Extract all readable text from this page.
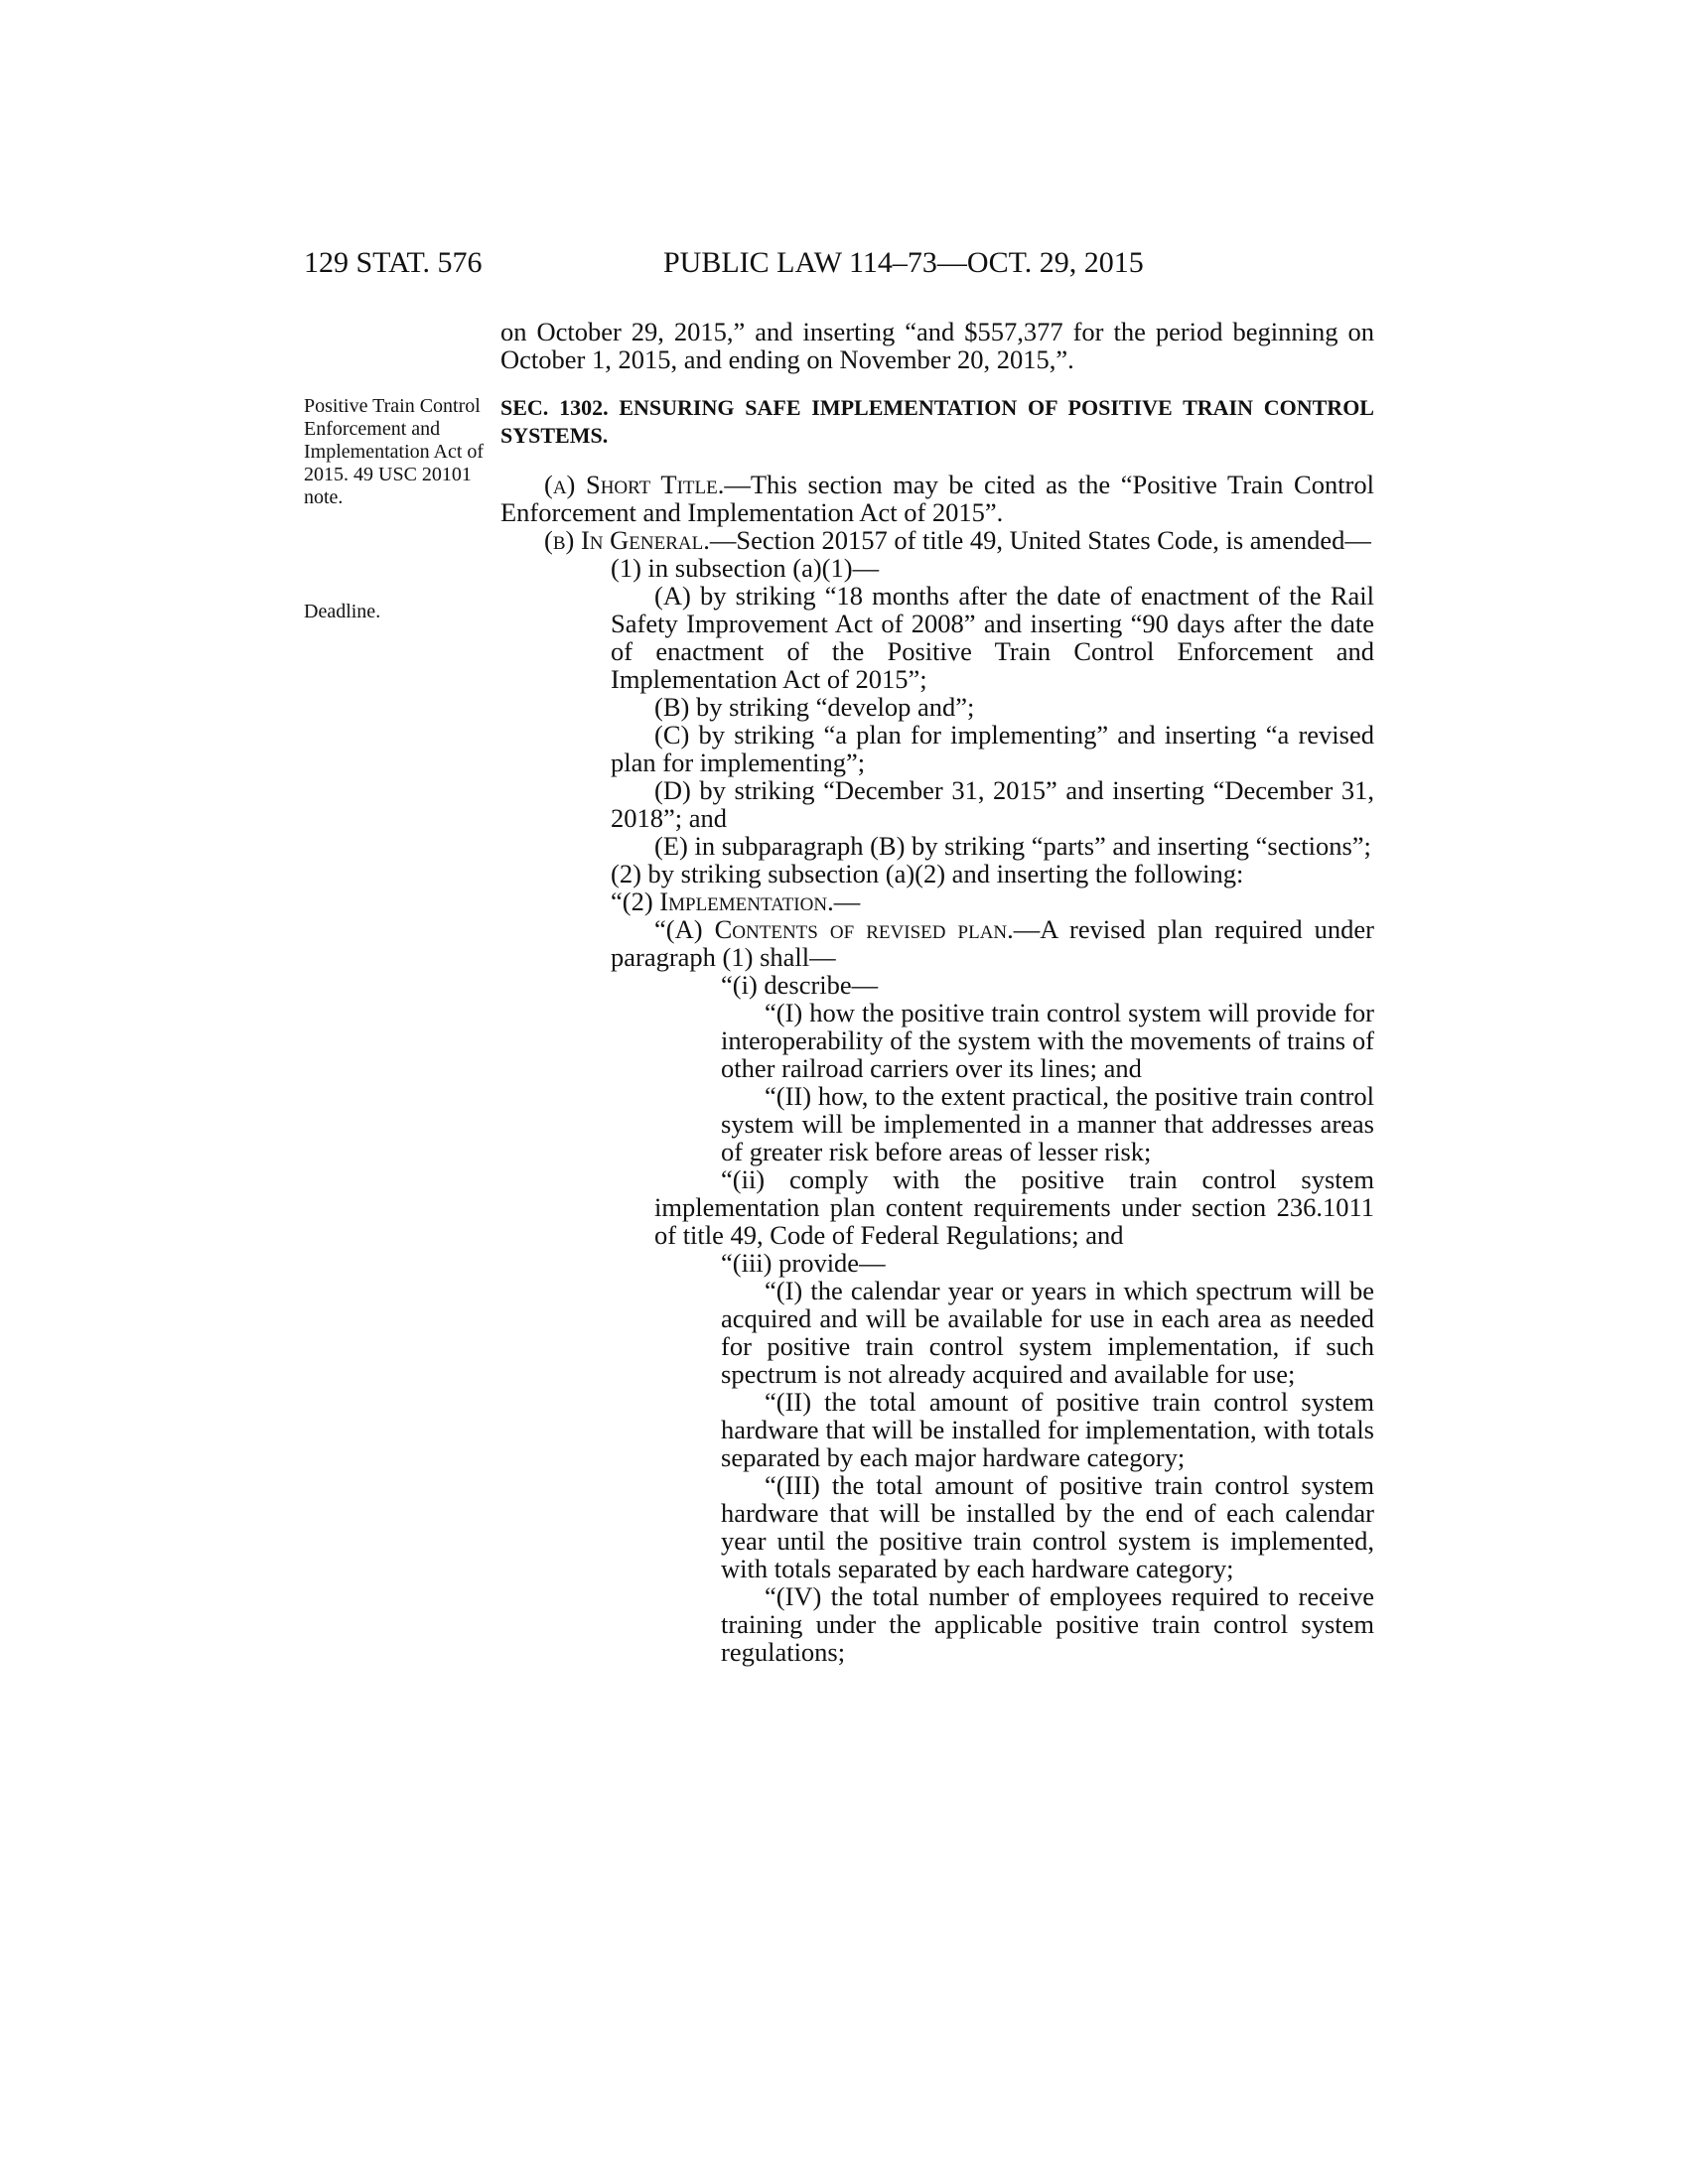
129 STAT. 576	PUBLIC LAW 114–73—OCT. 29, 2015
Positive Train Control Enforcement and Implementation Act of 2015. 49 USC 20101 note.
Deadline.

on October 29, 2015,” and inserting “and $557,377 for the period beginning on October 1, 2015, and ending on November 20, 2015,”.

SEC. 1302. ENSURING SAFE IMPLEMENTATION OF POSITIVE TRAIN CONTROL SYSTEMS.

(a) Short Title.—This section may be cited as the “Positive Train Control Enforcement and Implementation Act of 2015”.

(b) In General.—Section 20157 of title 49, United States Code, is amended—

(1) in subsection (a)(1)—

(A) by striking “18 months after the date of enactment of the Rail Safety Improvement Act of 2008” and inserting “90 days after the date of enactment of the Positive Train Control Enforcement and Implementation Act of 2015”;

(B) by striking “develop and”;

(C) by striking “a plan for implementing” and inserting “a revised plan for implementing”;

(D) by striking “December 31, 2015” and inserting “December 31, 2018”; and

(E) in subparagraph (B) by striking “parts” and inserting “sections”;

(2) by striking subsection (a)(2) and inserting the following:

“(2) Implementation.—

“(A) Contents of revised plan.—A revised plan required under paragraph (1) shall—

“(i) describe—

“(I) how the positive train control system will provide for interoperability of the system with the movements of trains of other railroad carriers over its lines; and

“(II) how, to the extent practical, the positive train control system will be implemented in a manner that addresses areas of greater risk before areas of lesser risk;

“(ii) comply with the positive train control system implementation plan content requirements under section 236.1011 of title 49, Code of Federal Regulations; and

“(iii) provide—

“(I) the calendar year or years in which spectrum will be acquired and will be available for use in each area as needed for positive train control system implementation, if such spectrum is not already acquired and available for use;

“(II) the total amount of positive train control system hardware that will be installed for implementation, with totals separated by each major hardware category;

“(III) the total amount of positive train control system hardware that will be installed by the end of each calendar year until the positive train control system is implemented, with totals separated by each hardware category;

“(IV) the total number of employees required to receive training under the applicable positive train control system regulations;
